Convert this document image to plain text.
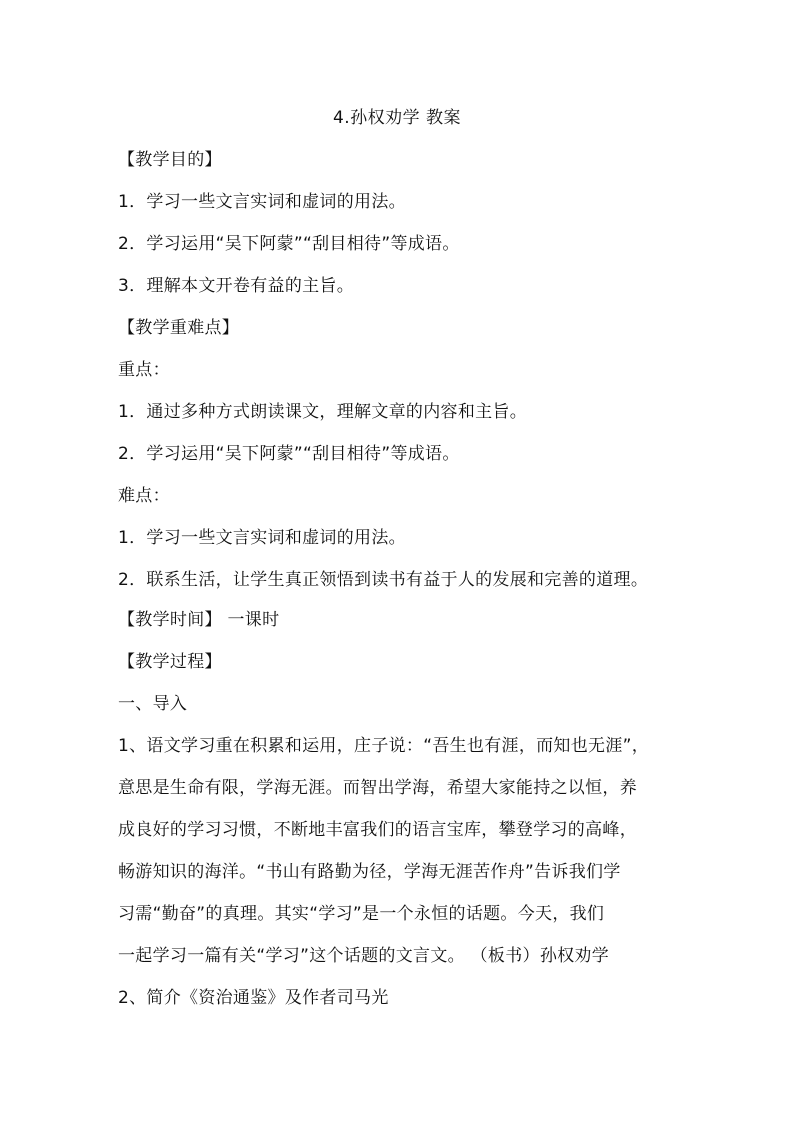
4.孙权劝学 教案
【教学目的】
1．学习一些文言实词和虚词的用法。
2．学习运用“吴下阿蒙”“刮目相待”等成语。
3．理解本文开卷有益的主旨。
【教学重难点】
重点：
1．通过多种方式朗读课文，理解文章的内容和主旨。
2．学习运用“吴下阿蒙”“刮目相待”等成语。
难点：
1．学习一些文言实词和虚词的用法。
2．联系生活，让学生真正领悟到读书有益于人的发展和完善的道理。
【教学时间】 一课时
【教学过程】
一、导入
1、语文学习重在积累和运用，庄子说：“吾生也有涯，而知也无涯”，
意思是生命有限，学海无涯。而智出学海，希望大家能持之以恒，养
成良好的学习习惯，不断地丰富我们的语言宝库，攀登学习的高峰，
畅游知识的海洋。“书山有路勤为径，学海无涯苦作舟”告诉我们学
习需“勤奋”的真理。其实“学习”是一个永恒的话题。今天，我们
一起学习一篇有关“学习”这个话题的文言文。 （板书）孙权劝学
2、简介《资治通鉴》及作者司马光
